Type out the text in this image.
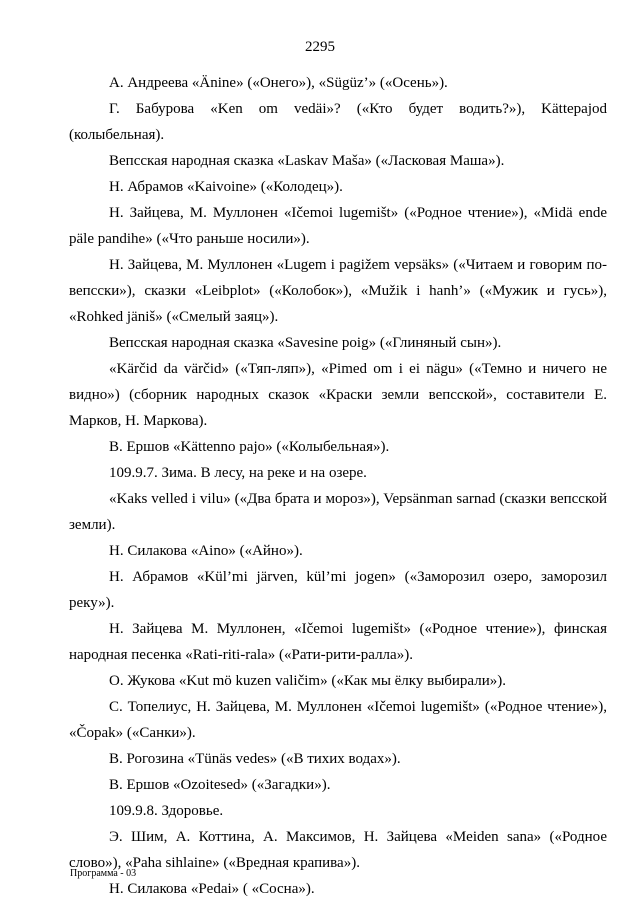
2295

А. Андреева «Änine» («Онего»), «Sügüz’» («Осень»).

Г. Бабурова «Ken om vedäi»? («Кто будет водить?»), Kättepajod (колыбельная).

Вепсская народная сказка «Laskav Maša» («Ласковая Маша»).

Н. Абрамов «Kaivoine» («Колодец»).

Н. Зайцева, М. Муллонен «Ičemoi lugemišt» («Родное чтение»), «Midä ende päle pandihe» («Что раньше носили»).

Н. Зайцева, М. Муллонен «Lugem i pagižem vepsäks» («Читаем и говорим по-вепсски»), сказки «Leibplot» («Колобок»), «Mužik i hanh’» («Мужик и гусь»), «Rohked jäniš» («Смелый заяц»).

Вепсская народная сказка «Savesine poig» («Глиняный сын»).

«Kärčid da värčid» («Тяп-ляп»), «Pimed om i ei nägu» («Темно и ничего не видно») (сборник народных сказок «Краски земли вепсской», составители Е. Марков, Н. Маркова).

В. Ершов «Kättenno pajo» («Колыбельная»).

109.9.7. Зима. В лесу, на реке и на озере.

«Kaks velled i vilu» («Два брата и мороз»), Vepsänman sarnad (сказки вепсской земли).

Н. Силакова «Aino» («Айно»).

Н. Абрамов «Kül’mi järven, kül’mi jogen» («Заморозил озеро, заморозил реку»).

Н. Зайцева М. Муллонен, «Ičemoi lugemišt» («Родное чтение»), финская народная песенка «Rati-riti-rala» («Рати-рити-ралла»).

О. Жукова «Kut mö kuzen valičim» («Как мы ёлку выбирали»).

С. Топелиус, Н. Зайцева, М. Муллонен «Ičemoi lugemišt» («Родное чтение»), «Čopak» («Санки»).

В. Рогозина «Tünäs vedes» («В тихих водах»).

В. Ершов «Ozoitesed» («Загадки»).

109.9.8. Здоровье.

Э. Шим, А. Коттина, А. Максимов, Н. Зайцева «Meiden sana» («Родное слово»), «Paha sihlaine» («Вредная крапива»).

Н. Силакова «Pedai» ( «Сосна»).

Программа - 03
